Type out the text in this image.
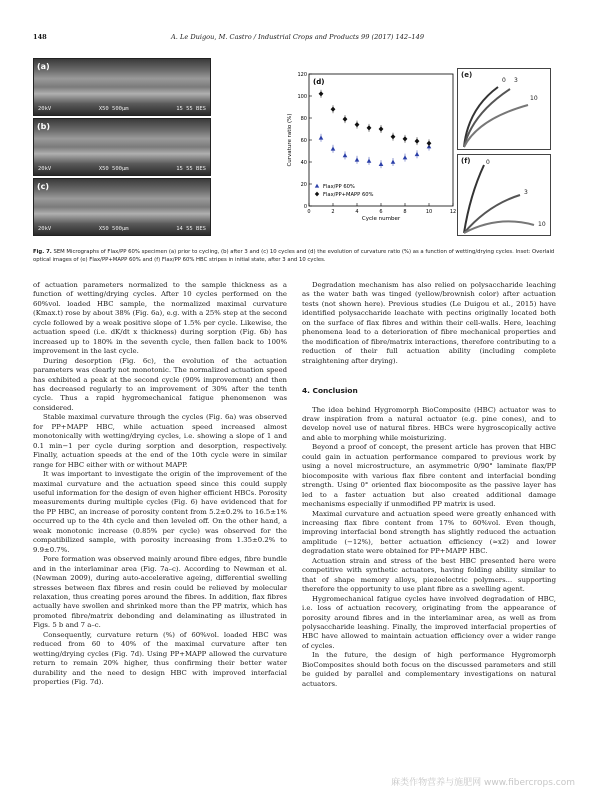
148	A. Le Duigou, M. Castro / Industrial Crops and Products 99 (2017) 142–149
(a)
20kV	X50 500μm	15 55 BES
(b)
20kV	X50 500μm	15 55 BES
(c)
20kV	X50 500μm	14 55 BES
0
20
40
60
80
100
120
0	2	4	6	8	10	12
Cycle number
Curvature ratio (%)
(d)
Flax/PP 60%
Flax/PP+MAPP 60%
(e)
0 3
10
(f)	0
3
10
Fig. 7. SEM Micrographs of Flax/PP 60% specimen (a) prior to cycling, (b) after 3 and (c) 10 cycles and (d) the evolution of curvature ratio (%) as a function of wetting/drying cycles. Inset: Overlaid optical images of (e) Flax/PP+MAPP 60% and (f) Flax/PP 60% HBC stripes in initial state, after 3 and 10 cycles.

of actuation parameters normalized to the sample thickness as a function of wetting/drying cycles. After 10 cycles performed on the 60%vol. loaded HBC sample, the normalized maximal curvature (Kmax.t) rose by about 38% (Fig. 6a), e.g. with a 25% step at the second cycle followed by a weak positive slope of 1.5% per cycle. Likewise, the actuation speed (i.e. dK/dt x thickness) during sorption (Fig. 6b) has increased up to 180% in the seventh cycle, then fallen back to 100% improvement in the last cycle.

During desorption (Fig. 6c), the evolution of the actuation parameters was clearly not monotonic. The normalized actuation speed has exhibited a peak at the second cycle (90% improvement) and then has decreased regularly to an improvement of 30% after the tenth cycle. Thus a rapid hygromechanical fatigue phenomenon was considered.

Stable maximal curvature through the cycles (Fig. 6a) was observed for PP+MAPP HBC, while actuation speed increased almost monotonically with wetting/drying cycles, i.e. showing a slope of 1 and 0.1 min−1 per cycle during sorption and desorption, respectively. Finally, actuation speeds at the end of the 10th cycle were in similar range for HBC either with or without MAPP.

It was important to investigate the origin of the improvement of the maximal curvature and the actuation speed since this could supply useful information for the design of even higher efficient HBCs. Porosity measurements during multiple cycles (Fig. 6) have evidenced that for the PP HBC, an increase of porosity content from 5.2±0.2% to 16.5±1% occurred up to the 4th cycle and then leveled off. On the other hand, a weak monotonic increase (0.85% per cycle) was observed for the compatibilized sample, with porosity increasing from 1.35±0.2% to 9.9±0.7%.

Pore formation was observed mainly around fibre edges, fibre bundle and in the interlaminar area (Fig. 7a–c). According to Newman et al. (Newman 2009), during auto-accelerative ageing, differential swelling stresses between flax fibres and resin could be relieved by molecular relaxation, thus creating pores around the fibres. In addition, flax fibres actually have swollen and shrinked more than the PP matrix, which has promoted fibre/matrix debonding and delaminating as illustrated in Figs. 5 b and 7 a–c.

Consequently, curvature return (%) of 60%vol. loaded HBC was reduced from 60 to 40% of the maximal curvature after ten wetting/drying cycles (Fig. 7d). Using PP+MAPP allowed the curvature return to remain 20% higher, thus confirming their better water durability and the need to design HBC with improved interfacial properties (Fig. 7d).

Degradation mechanism has also relied on polysaccharide leaching as the water bath was tinged (yellow/brownish color) after actuation tests (not shown here). Previous studies (Le Duigou et al., 2015) have identified polysaccharide leachate with pectins originally located both on the surface of flax fibres and within their cell-walls. Here, leaching phenomena lead to a deterioration of fibre mechanical properties and the modification of fibre/matrix interactions, therefore contributing to a reduction of their full actuation ability (including complete straightening after drying).

4. Conclusion

The idea behind Hygromorph BioComposite (HBC) actuator was to draw inspiration from a natural actuator (e.g. pine cones), and to develop novel use of natural fibres. HBCs were hygroscopically active and able to morphing while moisturizing.

Beyond a proof of concept, the present article has proven that HBC could gain in actuation performance compared to previous work by using a novel microstructure, an asymmetric 0/90° laminate flax/PP biocomposite with various flax fibre content and interfacial bonding strength. Using 0° oriented flax biocomposite as the passive layer has led to a faster actuation but also created additional damage mechanisms especially if unmodified PP matrix is used.

Maximal curvature and actuation speed were greatly enhanced with increasing flax fibre content from 17% to 60%vol. Even though, improving interfacial bond strength has slightly reduced the actuation amplitude (−12%), better actuation efficiency (≈x2) and lower degradation state were obtained for PP+MAPP HBC.

Actuation strain and stress of the best HBC presented here were competitive with synthetic actuators, having folding ability similar to that of shape memory alloys, piezoelectric polymers... supporting therefore the opportunity to use plant fibre as a swelling agent.

Hygromechanical fatigue cycles have involved degradation of HBC, i.e. loss of actuation recovery, originating from the appearance of porosity around fibres and in the interlaminar area, as well as from polysaccharide leashing. Finally, the improved interfacial properties of HBC have allowed to maintain actuation efficiency over a wider range of cycles.

In the future, the design of high performance Hygromorph BioComposites should both focus on the discussed parameters and still be guided by parallel and complementary investigations on natural actuators.

麻类作物营养与施肥网 www.fibercrops.com
